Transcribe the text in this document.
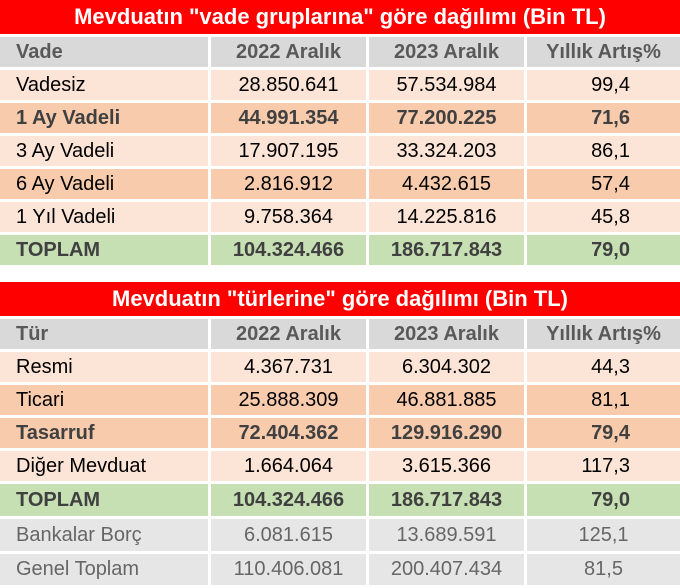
Mevduatın "vade gruplarına" göre dağılımı (Bin TL)
Vade	2022 Aralık	2023 Aralık	Yıllık Artış%
Vadesiz	28.850.641	57.534.984	99,4
1 Ay Vadeli	44.991.354	77.200.225	71,6
3 Ay Vadeli	17.907.195	33.324.203	86,1
6 Ay Vadeli	2.816.912	4.432.615	57,4
1 Yıl Vadeli	9.758.364	14.225.816	45,8
TOPLAM	104.324.466	186.717.843	79,0
Mevduatın "türlerine" göre dağılımı (Bin TL)
Tür	2022 Aralık	2023 Aralık	Yıllık Artış%
Resmi	4.367.731	6.304.302	44,3
Ticari	25.888.309	46.881.885	81,1
Tasarruf	72.404.362	129.916.290	79,4
Diğer Mevduat	1.664.064	3.615.366	117,3
TOPLAM	104.324.466	186.717.843	79,0
Bankalar Borç	6.081.615	13.689.591	125,1
Genel Toplam	110.406.081	200.407.434	81,5
